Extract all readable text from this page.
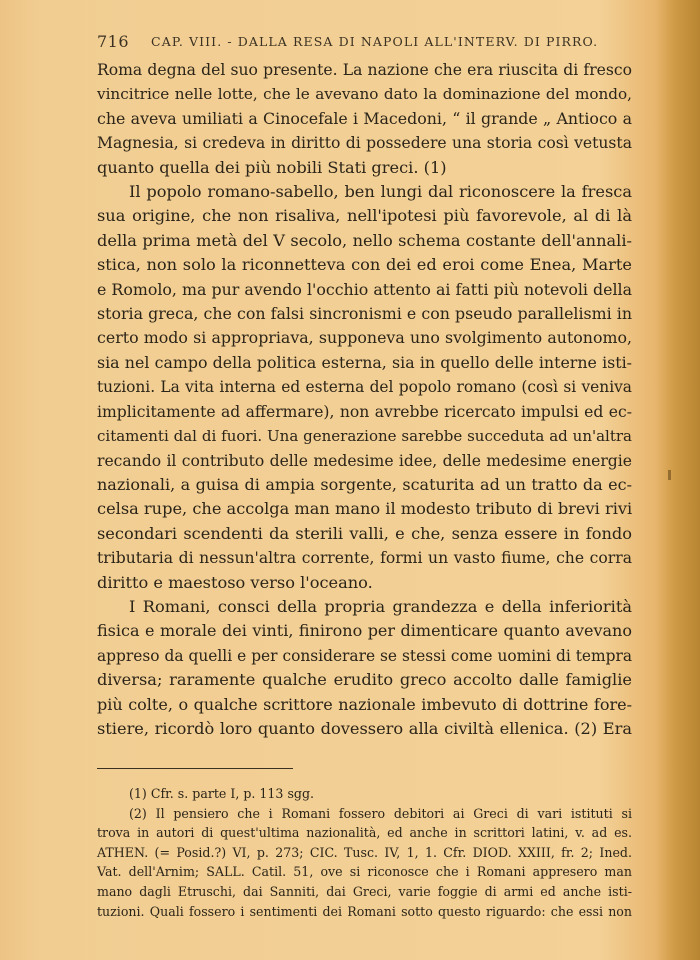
716 CAP. VIII. - DALLA RESA DI NAPOLI ALL'INTERV. DI PIRRO.
Roma degna del suo presente. La nazione che era riuscita di fresco
vincitrice nelle lotte, che le avevano dato la dominazione del mondo,
che aveva umiliati a Cinocefale i Macedoni, “ il grande „ Antioco a
Magnesia, si credeva in diritto di possedere una storia così vetusta
quanto quella dei più nobili Stati greci. (1)
Il popolo romano-sabello, ben lungi dal riconoscere la fresca
sua origine, che non risaliva, nell'ipotesi più favorevole, al di là
della prima metà del V secolo, nello schema costante dell'annali-
stica, non solo la riconnetteva con dei ed eroi come Enea, Marte
e Romolo, ma pur avendo l'occhio attento ai fatti più notevoli della
storia greca, che con falsi sincronismi e con pseudo parallelismi in
certo modo si appropriava, supponeva uno svolgimento autonomo,
sia nel campo della politica esterna, sia in quello delle interne isti-
tuzioni. La vita interna ed esterna del popolo romano (così si veniva
implicitamente ad affermare), non avrebbe ricercato impulsi ed ec-
citamenti dal di fuori. Una generazione sarebbe succeduta ad un'altra
recando il contributo delle medesime idee, delle medesime energie
nazionali, a guisa di ampia sorgente, scaturita ad un tratto da ec-
celsa rupe, che accolga man mano il modesto tributo di brevi rivi
secondari scendenti da sterili valli, e che, senza essere in fondo
tributaria di nessun'altra corrente, formi un vasto fiume, che corra
diritto e maestoso verso l'oceano.
I Romani, consci della propria grandezza e della inferiorità
fisica e morale dei vinti, finirono per dimenticare quanto avevano
appreso da quelli e per considerare se stessi come uomini di tempra
diversa; raramente qualche erudito greco accolto dalle famiglie
più colte, o qualche scrittore nazionale imbevuto di dottrine fore-
stiere, ricordò loro quanto dovessero alla civiltà ellenica. (2) Era
(1) Cfr. s. parte I, p. 113 sgg.
(2) Il pensiero che i Romani fossero debitori ai Greci di vari istituti si
trova in autori di quest'ultima nazionalità, ed anche in scrittori latini, v. ad es.
ATHEN. (= Posid.?) VI, p. 273; CIC. Tusc. IV, 1, 1. Cfr. DIOD. XXIII, fr. 2; Ined.
Vat. dell'Arnim; SALL. Catil. 51, ove si riconosce che i Romani appresero man
mano dagli Etruschi, dai Sanniti, dai Greci, varie foggie di armi ed anche isti-
tuzioni. Quali fossero i sentimenti dei Romani sotto questo riguardo: che essi non
